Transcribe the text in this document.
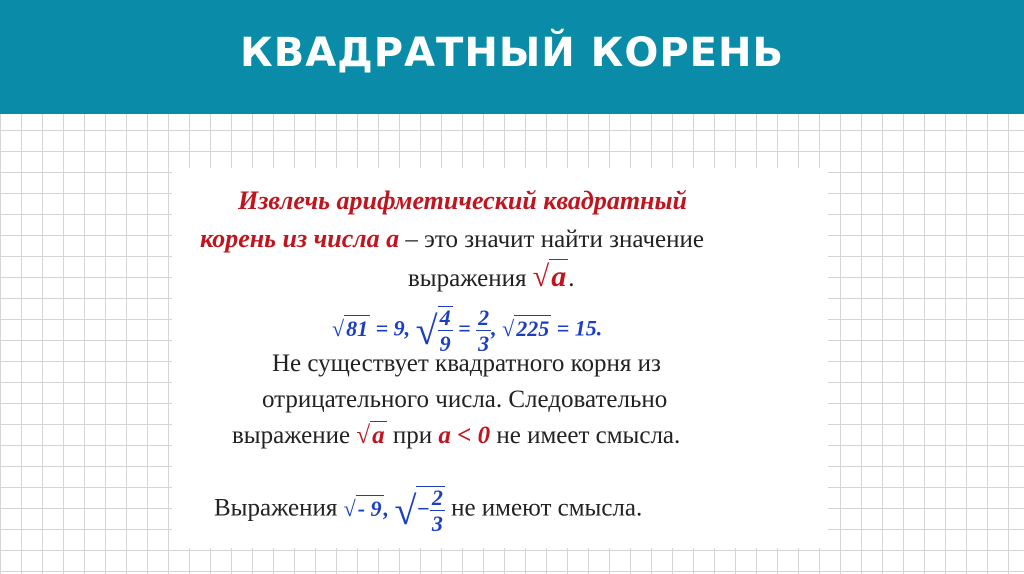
КВАДРАТНЫЙ КОРЕНЬ
Извлечь арифметический квадратный
корень из числа а – это значит найти значение
выражения √a.
√81 = 9, √ $\frac{4}{9} = \frac{2}{3}$ , √225 = 15.
Не существует квадратного корня из
отрицательного числа. Следовательно
выражение √a при a < 0 не имеет смысла.
Выражения √- 9, √− $\frac{2}{3}$ не имеют смысла.
